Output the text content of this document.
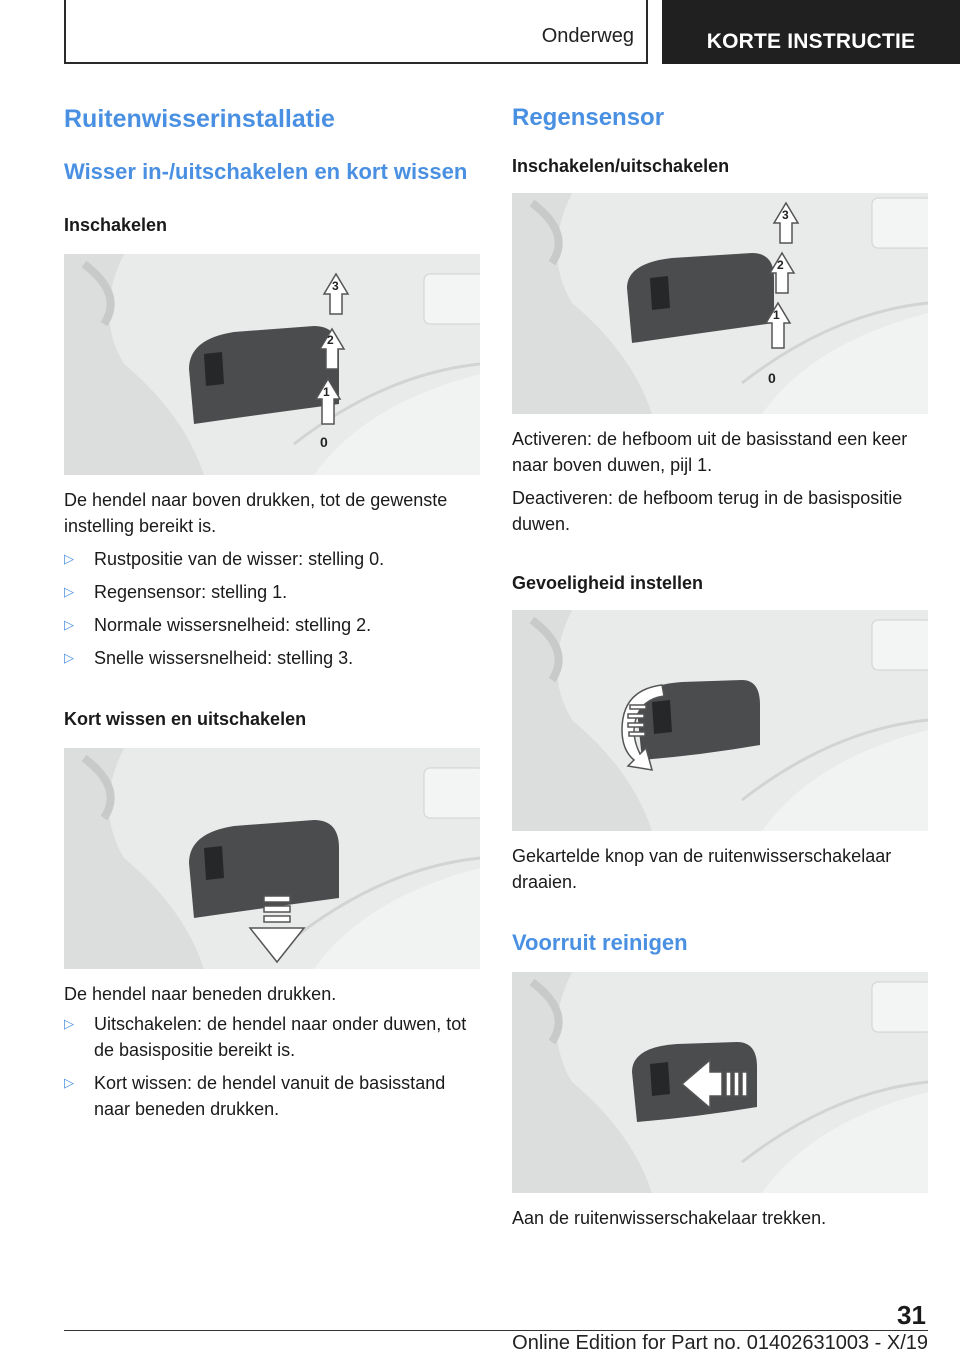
Onderweg	KORTE INSTRUCTIE
Ruitenwisserinstallatie
Wisser in-/uitschakelen en kort wissen
Inschakelen
3
2
1
0

De hendel naar boven drukken, tot de gewenste instelling bereikt is.

▷ Rustpositie van de wisser: stelling 0.
▷ Regensensor: stelling 1.
▷ Normale wissersnelheid: stelling 2.
▷ Snelle wissersnelheid: stelling 3.
Kort wissen en uitschakelen

De hendel naar beneden drukken.

▷ Uitschakelen: de hendel naar onder duwen, tot de basispositie bereikt is.
▷ Kort wissen: de hendel vanuit de basisstand naar beneden drukken.
Regensensor
Inschakelen/uitschakelen
3
2
1
0

Activeren: de hefboom uit de basisstand een keer naar boven duwen, pijl 1.

Deactiveren: de hefboom terug in de basispositie duwen.

Gevoeligheid instellen

Gekartelde knop van de ruitenwisserschakelaar draaien.

Voorruit reinigen

Aan de ruitenwisserschakelaar trekken.

31
Online Edition for Part no. 01402631003 - X/19
